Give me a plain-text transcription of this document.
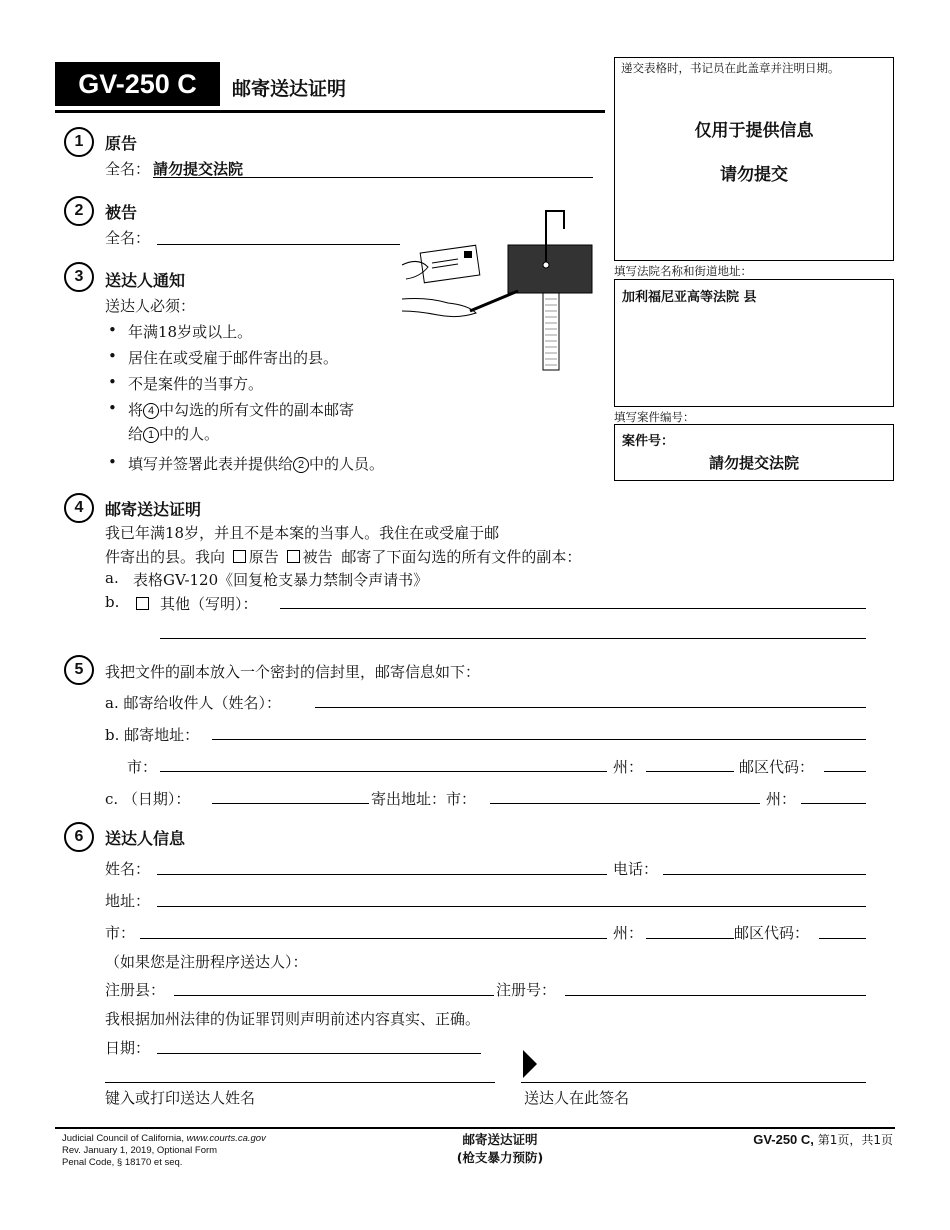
GV-250 C	邮寄送达证明
递交表格时，书记员在此盖章并注明日期。
仅用于提供信息
请勿提交
填写法院名称和街道地址：
加利福尼亚高等法院 县
填写案件编号：
案件号：
請勿提交法院
1	原告
全名： 請勿提交法院
2	被告
全名：
3	送达人通知
送达人必须：
• 年满18岁或以上。
• 居住在或受雇于邮件寄出的县。
• 不是案件的当事方。
• 将 4 中勾选的所有文件的副本邮寄
给 1 中的人。
• 填写并签署此表并提供给 2 中的人员。
4	邮寄送达证明
我已年满18岁，并且不是本案的当事人。我住在或受雇于邮
件寄出的县。我向 原告 被告 邮寄了下面勾选的所有文件的副本：
a. 表格GV-120《回复枪支暴力禁制令声请书》
b.	其他（写明）：
5	我把文件的副本放入一个密封的信封里，邮寄信息如下：
a. 邮寄给收件人（姓名）：
b. 邮寄地址：
市：	州：	邮区代码：
c. （日期）：	寄出地址：市：	州：
6	送达人信息
姓名：	电话：
地址：
市：	州：	邮区代码：
（如果您是注册程序送达人）：
注册县：	注册号：
我根据加州法律的伪证罪罚则声明前述内容真实、正确。
日期：
键入或打印送达人姓名	送达人在此签名
Judicial Council of California, www.courts.ca.gov
Rev. January 1, 2019, Optional Form
Penal Code, § 18170 et seq.
邮寄送达证明
(枪支暴力预防)
GV-250 C, 第1页，共1页
